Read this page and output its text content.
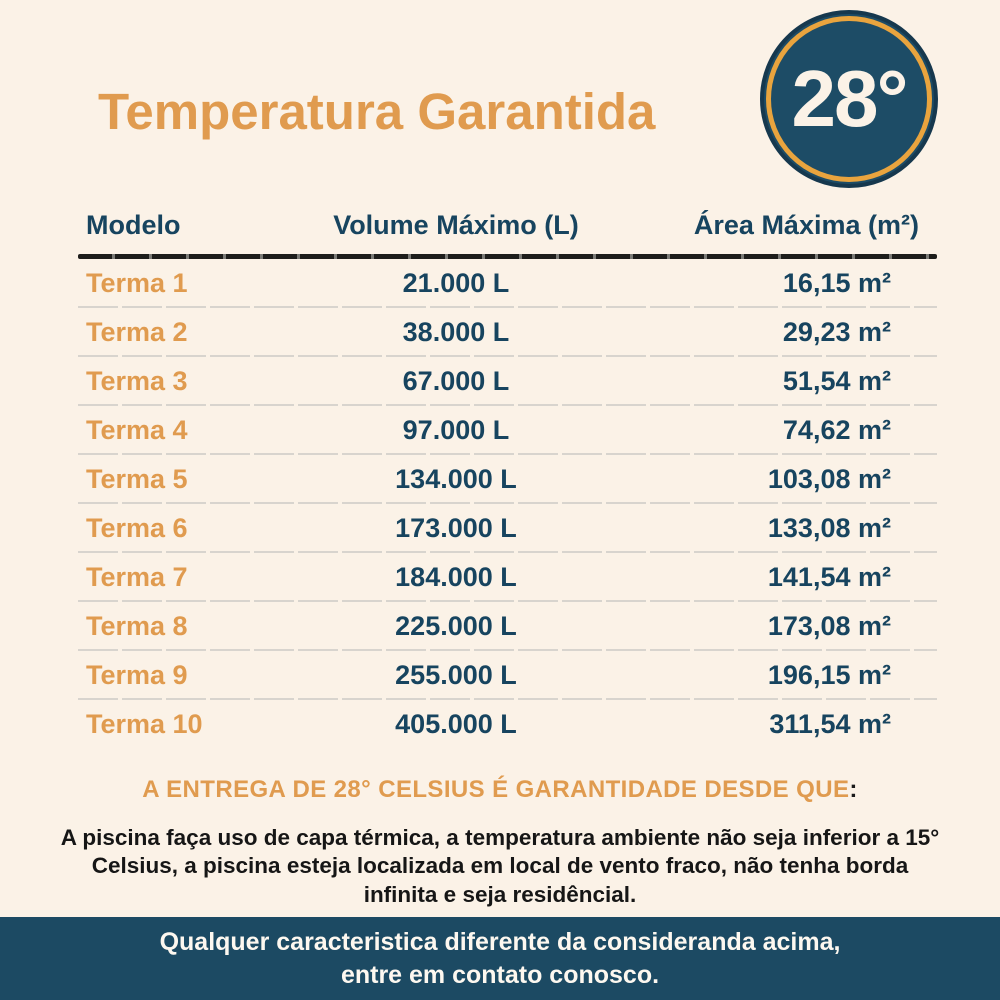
Temperatura Garantida 28°
Modelo	Volume Máximo (L)	Área Máxima (m²)
Terma 1	21.000 L	16,15 m²
Terma 2	38.000 L	29,23 m²
Terma 3	67.000 L	51,54 m²
Terma 4	97.000 L	74,62 m²
Terma 5	134.000 L	103,08 m²
Terma 6	173.000 L	133,08 m²
Terma 7	184.000 L	141,54 m²
Terma 8	225.000 L	173,08 m²
Terma 9	255.000 L	196,15 m²
Terma 10	405.000 L	311,54 m²

A ENTREGA DE 28° CELSIUS É GARANTIDADE DESDE QUE:

A piscina faça uso de capa térmica, a temperatura ambiente não seja inferior a 15° Celsius, a piscina esteja localizada em local de vento fraco, não tenha borda infinita e seja residêncial.

Qualquer caracteristica diferente da consideranda acima,

entre em contato conosco.
